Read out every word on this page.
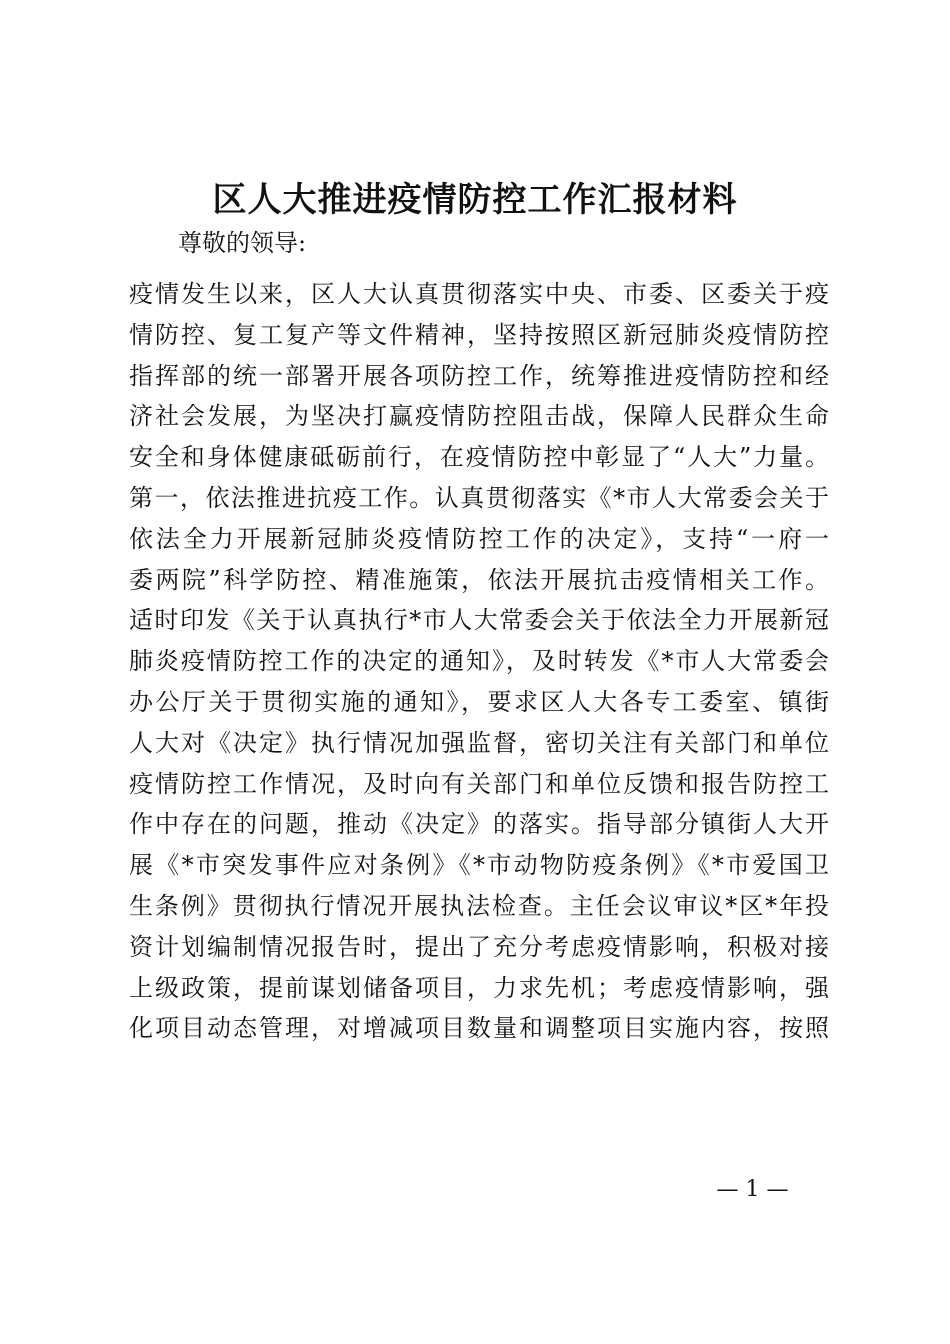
区人大推进疫情防控工作汇报材料

尊敬的领导:

疫情发生以来，区人大认真贯彻落实中央、市委、区委关于疫
情防控、复工复产等文件精神，坚持按照区新冠肺炎疫情防控
指挥部的统一部署开展各项防控工作，统筹推进疫情防控和经
济社会发展，为坚决打赢疫情防控阻击战，保障人民群众生命
安全和身体健康砥砺前行，在疫情防控中彰显了“人大”力量。
第一，依法推进抗疫工作。认真贯彻落实《*市人大常委会关于
依法全力开展新冠肺炎疫情防控工作的决定》，支持“一府一
委两院”科学防控、精准施策，依法开展抗击疫情相关工作。
适时印发《关于认真执行*市人大常委会关于依法全力开展新冠
肺炎疫情防控工作的决定的通知》，及时转发《*市人大常委会
办公厅关于贯彻实施的通知》，要求区人大各专工委室、镇街
人大对《决定》执行情况加强监督，密切关注有关部门和单位
疫情防控工作情况，及时向有关部门和单位反馈和报告防控工
作中存在的问题，推动《决定》的落实。指导部分镇街人大开
展《*市突发事件应对条例》《*市动物防疫条例》《*市爱国卫
生条例》贯彻执行情况开展执法检查。主任会议审议*区*年投
资计划编制情况报告时，提出了充分考虑疫情影响，积极对接
上级政策，提前谋划储备项目，力求先机；考虑疫情影响，强
化项目动态管理，对增减项目数量和调整项目实施内容，按照

— 1 —
